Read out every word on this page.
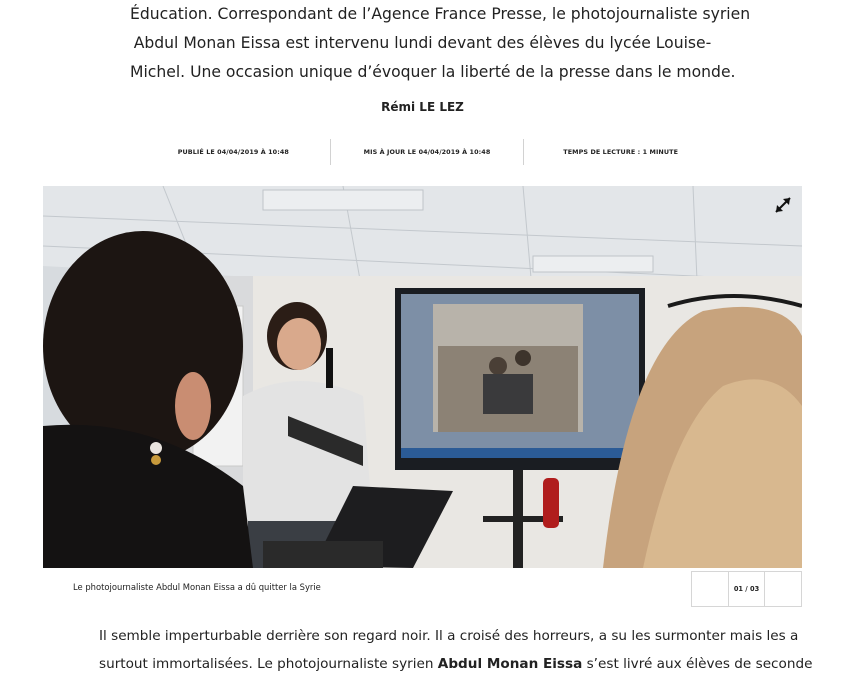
Éducation. Correspondant de l’Agence France Presse, le photojournaliste syrien
Abdul Monan Eissa est intervenu lundi devant des élèves du lycée Louise-
Michel. Une occasion unique d’évoquer la liberté de la presse dans le monde.

Rémi LE LEZ
PUBLIÉ LE 04/04/2019 À 10:48	MIS À JOUR LE 04/04/2019 À 10:48	TEMPS DE LECTURE : 1 MINUTE
Le photojournaliste Abdul Monan Eissa a dû quitter la Syrie	01 / 03

Il semble imperturbable derrière son regard noir. Il a croisé des horreurs, a su les surmonter mais les a
surtout immortalisées. Le photojournaliste syrien Abdul Monan Eissa s’est livré aux élèves de seconde
